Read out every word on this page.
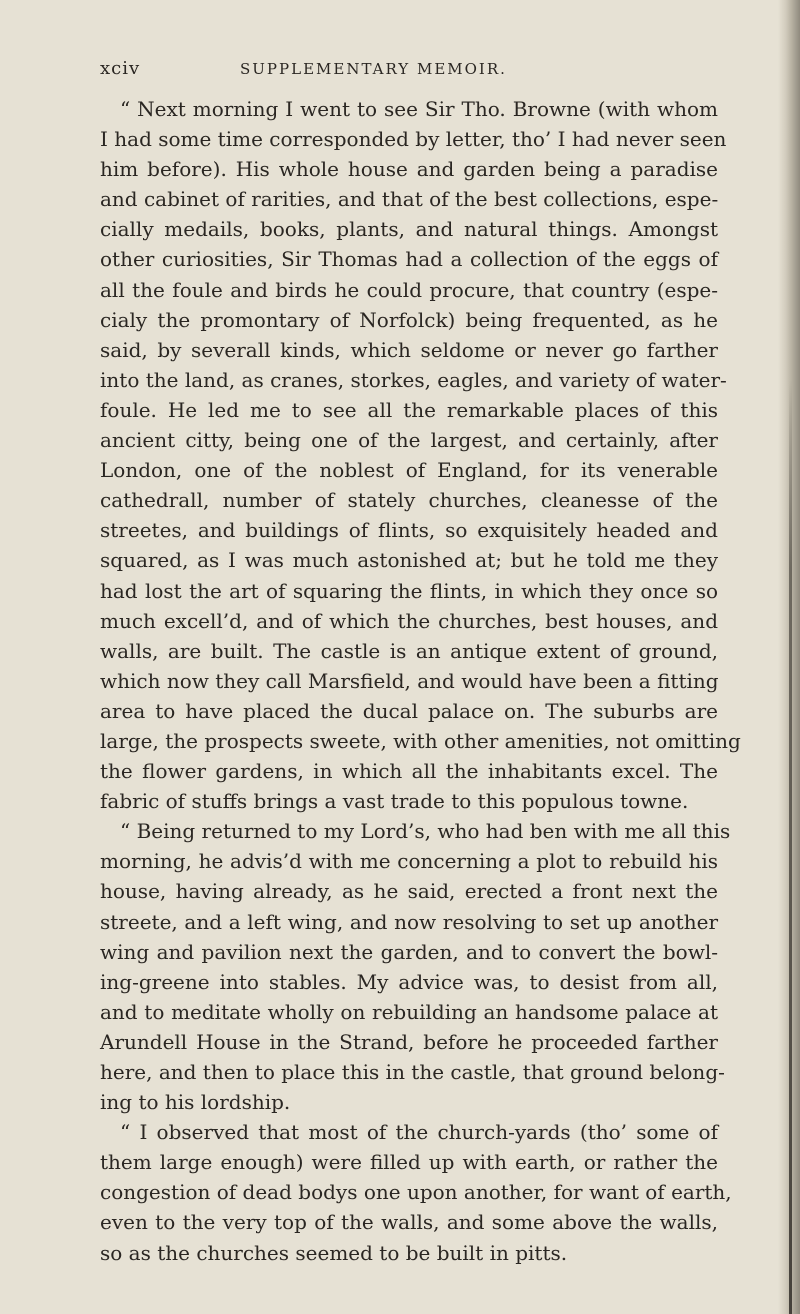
xciv	SUPPLEMENTARY MEMOIR.
“ Next morning I went to see Sir Tho. Browne (with whom
I had some time corresponded by letter, tho’ I had never seen
him before). His whole house and garden being a paradise
and cabinet of rarities, and that of the best collections, espe-
cially medails, books, plants, and natural things. Amongst
other curiosities, Sir Thomas had a collection of the eggs of
all the foule and birds he could procure, that country (espe-
cialy the promontary of Norfolck) being frequented, as he
said, by severall kinds, which seldome or never go farther
into the land, as cranes, storkes, eagles, and variety of water-
foule. He led me to see all the remarkable places of this
ancient citty, being one of the largest, and certainly, after
London, one of the noblest of England, for its venerable
cathedrall, number of stately churches, cleanesse of the
streetes, and buildings of flints, so exquisitely headed and
squared, as I was much astonished at; but he told me they
had lost the art of squaring the flints, in which they once so
much excell’d, and of which the churches, best houses, and
walls, are built. The castle is an antique extent of ground,
which now they call Marsfield, and would have been a fitting
area to have placed the ducal palace on. The suburbs are
large, the prospects sweete, with other amenities, not omitting
the flower gardens, in which all the inhabitants excel. The
fabric of stuffs brings a vast trade to this populous towne.
“ Being returned to my Lord’s, who had ben with me all this
morning, he advis’d with me concerning a plot to rebuild his
house, having already, as he said, erected a front next the
streete, and a left wing, and now resolving to set up another
wing and pavilion next the garden, and to convert the bowl-
ing-greene into stables. My advice was, to desist from all,
and to meditate wholly on rebuilding an handsome palace at
Arundell House in the Strand, before he proceeded farther
here, and then to place this in the castle, that ground belong-
ing to his lordship.
“ I observed that most of the church-yards (tho’ some of
them large enough) were filled up with earth, or rather the
congestion of dead bodys one upon another, for want of earth,
even to the very top of the walls, and some above the walls,
so as the churches seemed to be built in pitts.
